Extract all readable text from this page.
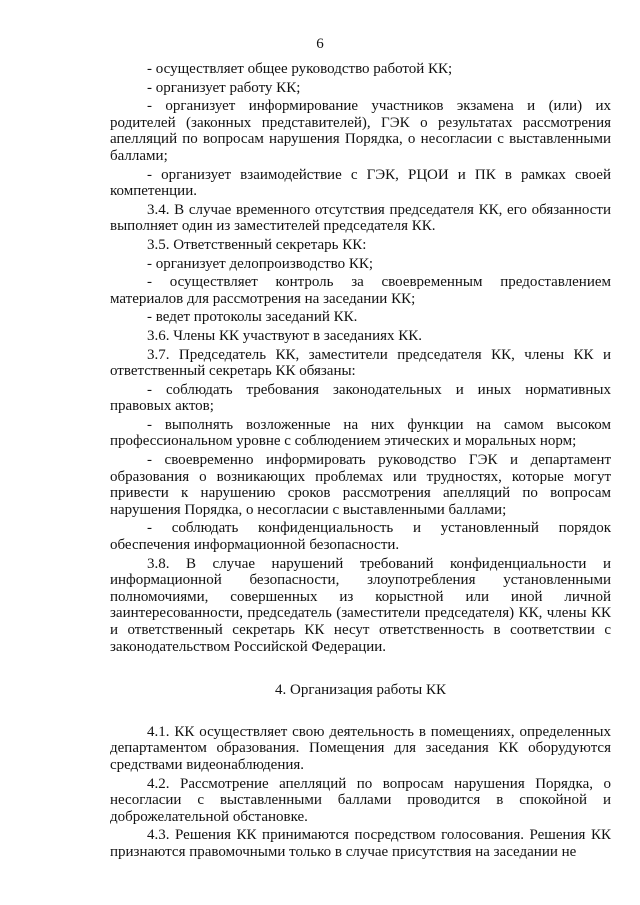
6

- осуществляет общее руководство работой КК;

- организует работу КК;

- организует информирование участников экзамена и (или) их родителей (законных представителей), ГЭК о результатах рассмотрения апелляций по вопросам нарушения Порядка, о несогласии с выставленными баллами;

- организует взаимодействие с ГЭК, РЦОИ и ПК в рамках своей компетенции.

3.4. В случае временного отсутствия председателя КК, его обязанности выполняет один из заместителей председателя КК.

3.5. Ответственный секретарь КК:

- организует делопроизводство КК;

- осуществляет контроль за своевременным предоставлением материалов для рассмотрения на заседании КК;

- ведет протоколы заседаний КК.

3.6. Члены КК участвуют в заседаниях КК.

3.7. Председатель КК, заместители председателя КК, члены КК и ответственный секретарь КК обязаны:

- соблюдать требования законодательных и иных нормативных правовых актов;

- выполнять возложенные на них функции на самом высоком профессиональном уровне с соблюдением этических и моральных норм;

- своевременно информировать руководство ГЭК и департамент образования о возникающих проблемах или трудностях, которые могут привести к нарушению сроков рассмотрения апелляций по вопросам нарушения Порядка, о несогласии с выставленными баллами;

- соблюдать конфиденциальность и установленный порядок обеспечения информационной безопасности.

3.8. В случае нарушений требований конфиденциальности и информационной безопасности, злоупотребления установленными полномочиями, совершенных из корыстной или иной личной заинтересованности, председатель (заместители председателя) КК, члены КК и ответственный секретарь КК несут ответственность в соответствии с законодательством Российской Федерации.

4. Организация работы КК

4.1. КК осуществляет свою деятельность в помещениях, определенных департаментом образования. Помещения для заседания КК оборудуются средствами видеонаблюдения.

4.2. Рассмотрение апелляций по вопросам нарушения Порядка, о несогласии с выставленными баллами проводится в спокойной и доброжелательной обстановке.

4.3. Решения КК принимаются посредством голосования. Решения КК признаются правомочными только в случае присутствия на заседании не
